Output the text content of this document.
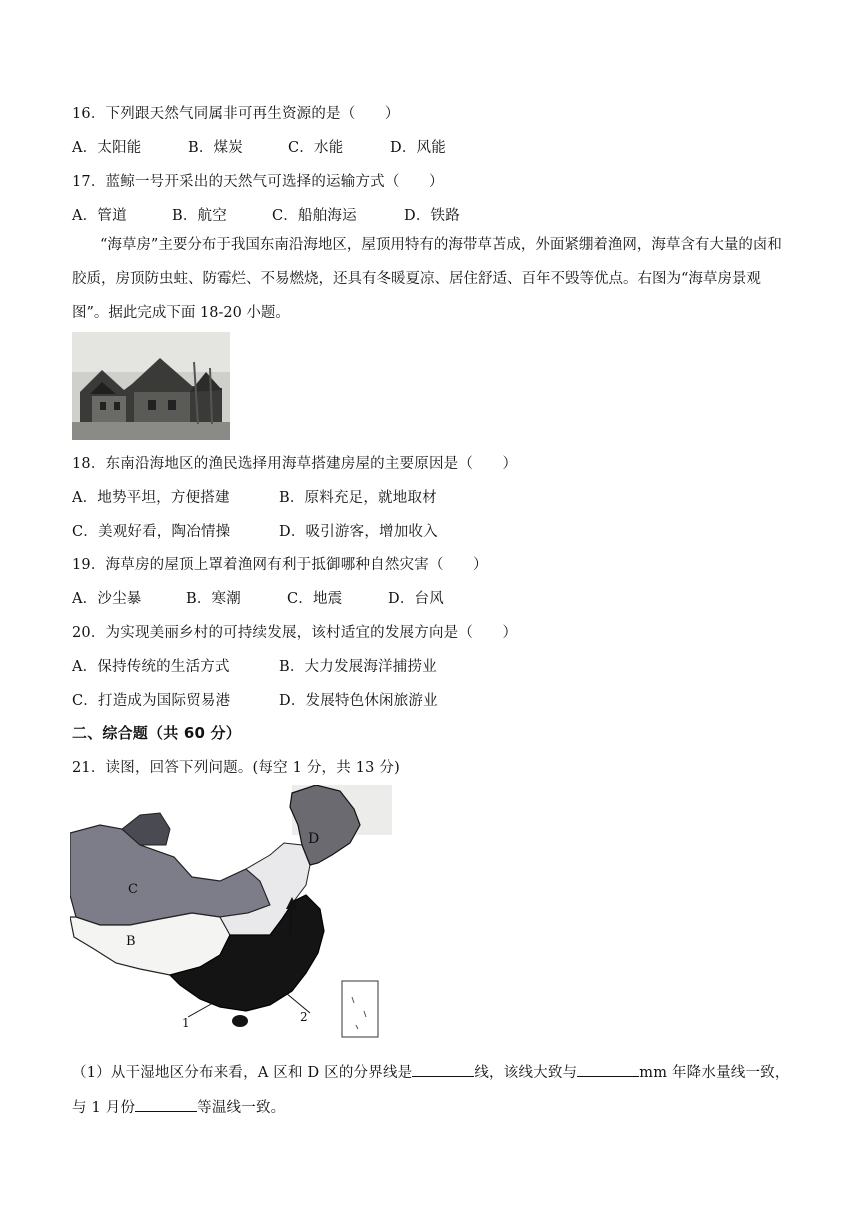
16．下列跟天然气同属非可再生资源的是（　　）
A．太阳能	B．煤炭	C．水能	D．风能
17．蓝鲸一号开采出的天然气可选择的运输方式（　　）
A．管道	B．航空	C．船舶海运	D．铁路
“海草房”主要分布于我国东南沿海地区，屋顶用特有的海带草苫成，外面紧绷着渔网，海草含有大量的卤和胶质，房顶防虫蛀、防霉烂、不易燃烧，还具有冬暖夏凉、居住舒适、百年不毁等优点。右图为“海草房景观图”。据此完成下面 18-20 小题。
18．东南沿海地区的渔民选择用海草搭建房屋的主要原因是（　　）
A．地势平坦，方便搭建	B．原料充足，就地取材
C．美观好看，陶冶情操	D．吸引游客，增加收入
19．海草房的屋顶上罩着渔网有利于抵御哪种自然灾害（　　）
A．沙尘暴	B．寒潮	C．地震	D．台风
20．为实现美丽乡村的可持续发展，该村适宜的发展方向是（　　）
A．保持传统的生活方式	B．大力发展海洋捕捞业
C．打造成为国际贸易港	D．发展特色休闲旅游业
二、综合题（共 60 分）
21．读图，回答下列问题。(每空 1 分，共 13 分)
C
B
D
1	2
（1）从干湿地区分布来看，A 区和 D 区的分界线是	线，该线大致与	mm 年降水量线一致，
与 1 月份	等温线一致。
